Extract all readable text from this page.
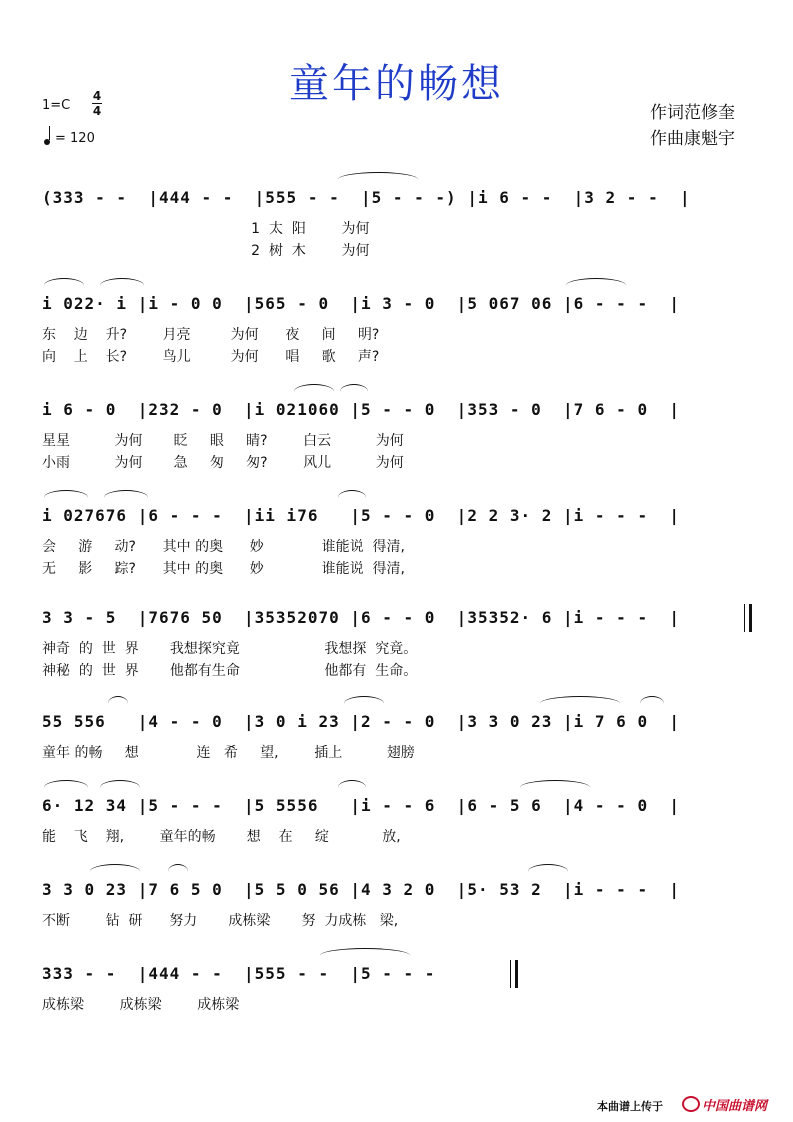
童年的畅想
1=C
4
4
= 120
作词范修奎
作曲康魁宇
(333 - -  |444 - -  |555 - -  |5 - - -) |i 6 - -  |3 2 - -  |
1  太  阳        为何
2  树  木        为何
i 022· i |i - 0 0  |565 - 0  |i 3 - 0  |5 067 06 |6 - - -  |
东    边    升?        月亮         为何      夜     间     明?
向    上    长?        鸟儿         为何      唱     歌     声?
i 6 - 0  |232 - 0  |i 021060 |5 - - 0  |353 - 0  |7 6 - 0  |
星星          为何       眨     眼     睛?        白云          为何
小雨          为何       急     匆     匆?        风儿          为何
i 027676 |6 - - -  |ii i76   |5 - - 0  |2 2 3· 2 |i - - -  |
会     游     动?      其中 的奥      妙             谁能说  得清,
无     影     踪?      其中 的奥      妙             谁能说  得清,
3 3 - 5  |7676 50  |35352070 |6 - - 0  |35352· 6 |i - - -  |
神奇  的  世  界       我想探究竟                   我想探  究竟。
神秘  的  世  界       他都有生命                   他都有  生命。
55 556   |4 - - 0  |3 0 i 23 |2 - - 0  |3 3 0 23 |i 7 6 0  |
童年 的畅     想             连   希     望,        插上          翅膀
6· 12 34 |5 - - -  |5 5556   |i - - 6  |6 - 5 6  |4 - - 0  |
能    飞    翔,        童年的畅       想    在     绽            放,
3 3 0 23 |7 6 5 0  |5 5 0 56 |4 3 2 0  |5· 53 2  |i - - -  |
不断        钻  研      努力       成栋梁       努  力成栋   梁,
333 - -  |444 - -  |555 - -  |5 - - -
成栋梁        成栋梁        成栋梁
本曲谱上传于	中国曲谱网
